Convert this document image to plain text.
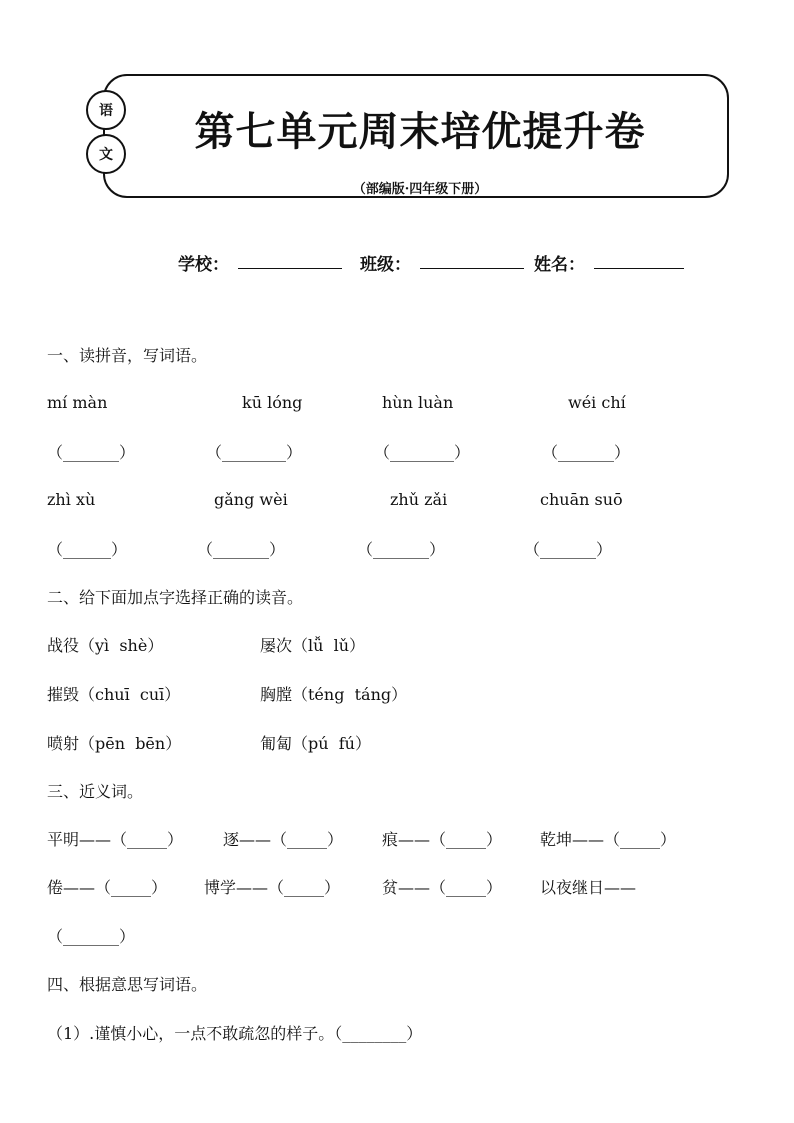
语
文	第七单元周末培优提升卷
（部编版·四年级下册）
学校：	班级：	姓名：
一、读拼音，写词语。
mí màn	kū lóng	hùn luàn	wéi chí
（_______）	（________）	（________）	（_______）
zhì xù	gǎng wèi	zhǔ zǎi	chuān suō
（______）	（_______）	（_______）	（_______）
二、给下面加点字选择正确的读音。
战役（yì  shè）	屡次（lǚ  lǔ）
摧毁（chuī  cuī）	胸膛（téng  táng）
喷射（pēn  bēn）	匍匐（pú  fú）
三、近义词。
平明——（_____） 逐——（_____） 痕——（_____） 乾坤——（_____）
倦——（_____） 博学——（_____）	贫——（_____） 以夜继日——
（_______）
四、根据意思写词语。
（1）.谨慎小心，一点不敢疏忽的样子。（________）
